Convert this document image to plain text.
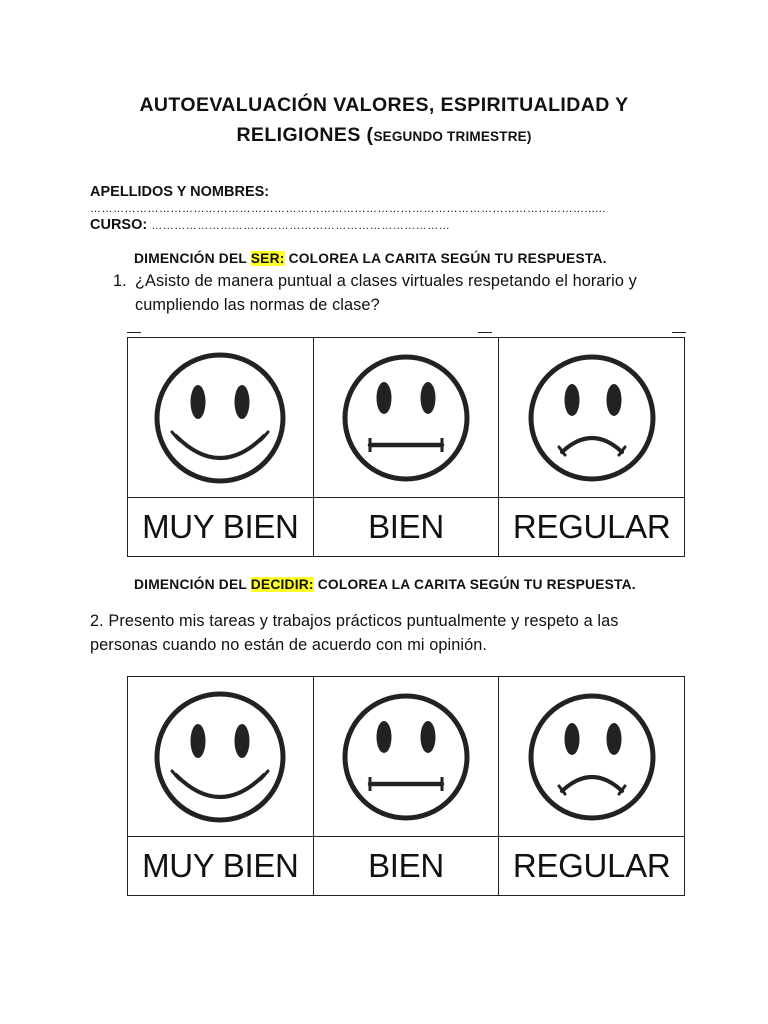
AUTOEVALUACIÓN VALORES, ESPIRITUALIDAD Y
RELIGIONES (SEGUNDO TRIMESTRE)
APELLIDOS Y NOMBRES: …………………………………………………………………………………………………………………......
CURSO: ……………………………………………………………………
DIMENCIÓN DEL SER: COLOREA LA CARITA SEGÚN TU RESPUESTA.
1. ¿Asisto de manera puntual a clases virtuales respetando el horario y
cumpliendo las normas de clase?

MUY BIEN	BIEN	REGULAR
DIMENCIÓN DEL DECIDIR: COLOREA LA CARITA SEGÚN TU RESPUESTA.
2. Presento mis tareas y trabajos prácticos puntualmente y respeto a las
personas cuando no están de acuerdo con mi opinión.

MUY BIEN	BIEN	REGULAR
